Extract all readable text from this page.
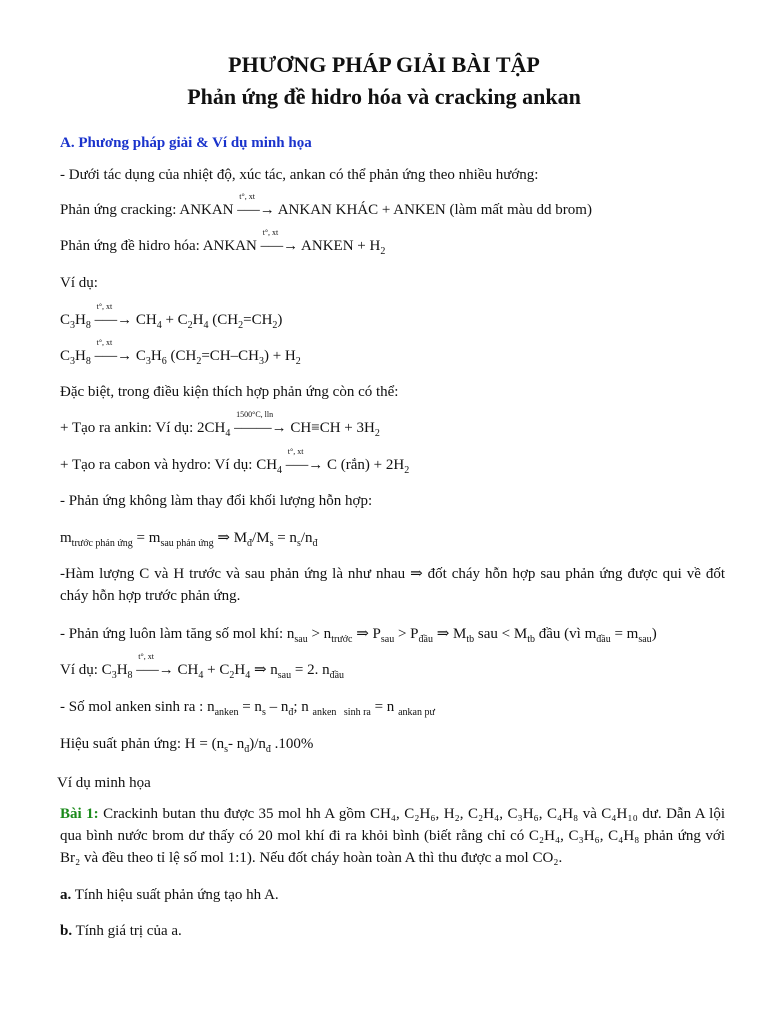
PHƯƠNG PHÁP GIẢI BÀI TẬP
Phản ứng đề hidro hóa và cracking ankan

A. Phương pháp giải & Ví dụ minh họa

- Dưới tác dụng của nhiệt độ, xúc tác, ankan có thể phản ứng theo nhiều hướng:

Phản ứng cracking: ANKAN –
t°, xt
—→ ANKAN KHÁC + ANKEN (làm mất màu dd brom)

Phản ứng đề hidro hóa: ANKAN –
t°, xt
—→ ANKEN + $H_2$

Ví dụ:

$C_3H_8$ –
t°, xt
—→ $CH_4 + C_2H_4$ $(CH_2=CH_2)$

$C_3H_8$ –
t°, xt
—→ $C_3H_6$ $(CH_2=CH-CH_3) + H_2$

Đặc biệt, trong điều kiện thích hợp phản ứng còn có thể:

+ Tạo ra ankin: Ví dụ: $2CH_4$ –
1500°C, lln
——→ $CH\equiv CH + 3H_2$

+ Tạo ra cabon và hydro: Ví dụ: $CH_4$ –
t°, xt
—→ C (rắn) + $2H_2$

- Phản ứng không làm thay đổi khối lượng hỗn hợp:

$m_{trước phản ứng} = m_{sau phản ứng}$ ⇒ $M_đ/M_s = n_s/n_đ$

-Hàm lượng C và H trước và sau phản ứng là như nhau ⇒ đốt cháy hỗn hợp sau phản ứng được qui về đốt cháy hỗn hợp trước phản ứng.

- Phản ứng luôn làm tăng số mol khí: $n_{sau} > n_{trước}$ ⇒ $P_{sau} > P_{đầu}$ ⇒ $M_{tb}$ sau < $M_{tb}$ đầu (vì $m_{đầu} = m_{sau}$)

Ví dụ: $C_3H_8$ –
t°, xt
—→ $CH_4 + C_2H_4$ ⇒ $n_{sau} = 2$. $n_{đầu}$

- Số mol anken sinh ra : $n_{anken} = n_s - n_đ$; n $_{anken sinh ra}$ = n $_{ankan pư}$

Hiệu suất phản ứng: $H = (n_s-$ $n_đ)/n_đ$ .100%

Ví dụ minh họa

Bài 1: Crackinh butan thu được 35 mol hh A gồm CH₄, C₂H₆, H₂, C₂H₄, C₃H₆, C₄H₈ và C₄H₁₀ dư. Dẫn A lội qua bình nước brom dư thấy có 20 mol khí đi ra khỏi bình (biết rằng chỉ có C₂H₄, C₃H₆, C₄H₈ phản ứng với Br₂ và đều theo tỉ lệ số mol 1:1). Nếu đốt cháy hoàn toàn A thì thu được a mol CO₂.

a. Tính hiệu suất phản ứng tạo hh A.

b. Tính giá trị của a.
